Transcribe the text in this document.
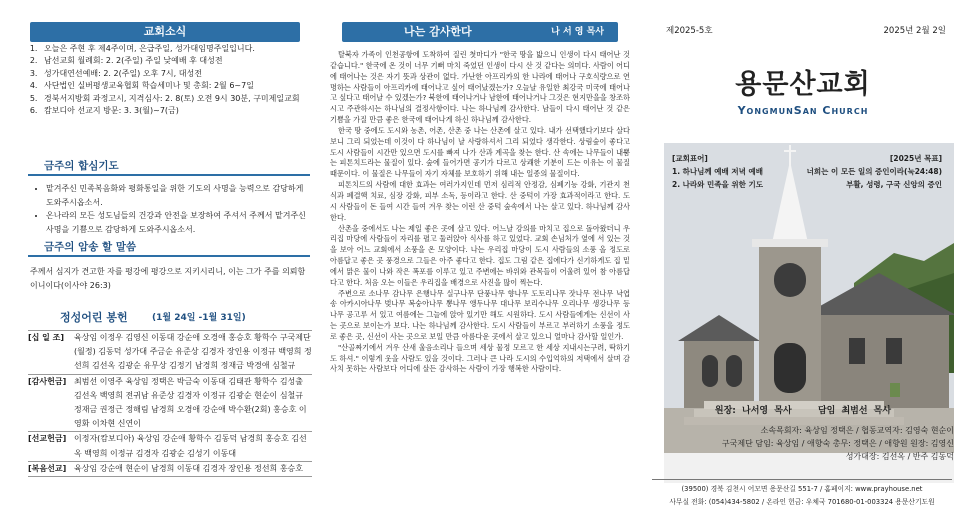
교회소식
1. 오늘은 주현 후 제4주이며, 은급주일, 성가대임명주일입니다.
2. 남선교회 월례회: 2. 2(주일) 주일 낮예배 후 대성전
3. 성가대연선예배: 2. 2(주일) 오후 7시, 대성전
4. 사단법인 실버평생교육협회 학습세미나 및 총회: 2월 6~7일
5. 경북서지방회 과정고시, 지격심사: 2. 8(토) 오전 9시 30분, 구미제일교회
6. 캄보디아 선교지 방문: 3. 3(월)~7(금)
금주의 합심기도
• 맡겨주신 민족복음화와 평화통일을 위한 기도의 사명을 능력으로 감당하게 도와주시옵소서.
• 온나라의 모든 성도님들의 건강과 안전을 보장하여 주셔서 주께서 맡겨주신 사명을 기쁨으로 감당하게 도와주시옵소서.
금주의 암송 할 말씀
주께서 심지가 견고한 자를 평강에 평강으로 지키시리니, 이는 그가 주를 의뢰함이니이다(이사야 26:3)
정성어린 봉헌	(1월 24일 -1월 31일)
[십 일 조]	육상임 이정우 김영신 이동대 강순애 오경애 홍승호 황학수 구국제단(월정) 김동덕 성가대 주금순 유준상 김경자 장인용 이정규 백영희 정선희 김선옥 김광순 유무상 김정기 남경희 정재금 박경애 심철규
[감사헌금] 최범선 이영주 육상임 정택은 박금숙 이동대 김태관 황학수 김성출 김선옥 백영희 전귀남 유준상 김경자 이정규 김광순 현순이 심철규 정재금 권정근 정해림 남경희 오경애 강순애 박수환(2회) 홍승호 이영화 이차현 신연이
[선교헌금] 이정자(캄보디아) 육상임 강순애 황학수 김동덕 남경희 홍승호 김선옥 백영희 이정규 김경자 김광순 김성기 이동대
[복음선교] 육상임 강순애 현순이 남경희 이동대 김경자 장인용 정선희 홍승호
나는 감사한다	나 서 영 목사

탈북자 가족이 인천공항에 도착하여 질린 첫마디가 "한국 땅을 밟으니 인생이 다시 태어난 것 같습니다." 한국에 온 것이 너무 기뻐 마치 죽었던 인생이 다시 산 것 같다는 의미다. 사람이 어디에 태어나는 것은 자기 뜻과 상관이 없다. 가난한 아프리카의 한 나라에 태어나 구호식량으로 연명하는 사람들이 아프리카에 태어나고 싶어 태어났겠는가? 오늘날 유일한 최강국 미국에 태어나고 싶다고 태어날 수 있겠는가? 북한에 태어나거나 남한에 태어나거나 그것은 현지만을을 창조하시고 주관하시는 하나님의 결정사항이다. 나는 하나님께 감사한다. 남들이 다시 태어난 것 같은 기쁨을 가질 만큼 좋은 한국에 태어나게 하신 하나님께 감사한다.

한국 땅 중에도 도시와 농촌, 어촌, 산촌 중 나는 산촌에 살고 있다. 내가 선택했다기보다 살다 보니 그리 되었는데 이것이 다 하나님이 날 사랑하셔서 그리 되었다 생각한다. 상림숲이 좋다고 도시 사람들이 시간만 있으면 도시를 빠져 나가 산과 계곡을 찾는 한다. 산 속에는 나무들이 내뿜는 피톤치드라는 물질이 있다. 숲에 들어가면 공기가 다르고 상쾌한 기분이 드는 이유는 이 물질 때문이다. 이 물질은 나무들이 자기 자체를 보호하기 위해 내는 일종의 물질이다.

피톤치드의 사람에 대한 효과는 여러가지인데 먼저 심리적 안정감, 심폐기능 강화, 기관지 천식과 폐결핵 치료, 심장 강화, 피부 소독, 등이라고 한다. 산 중턱이 가장 효과적이라고 한다. 도시 사람들이 돈 들여 시간 들여 겨우 찾는 이런 산 중턱 숲속에서 나는 살고 있다. 하나님께 감사한다.

산촌을 중에서도 나는 제일 좋은 곳에 살고 있다. 어느날 강의를 마치고 집으로 돌아왔더니 우리집 마당에 사람들이 자리를 펼고 둘러앉아 식사를 하고 있었다. 교회 손님처가 옆에 서 있는 것을 보아 어느 교회에서 소풍을 온 모양이다. 나는 우리집 마당이 도시 사람들의 소풍 올 정도로 아름답고 좋은 곳 풍경으로 그들은 아주 좋다고 한다. 집도 그림 같은 집에다가 신기하게도 집 밑에서 맑은 물이 나와 작은 폭포를 이루고 있고 주변에는 바위와 관목들이 어울려 있어 참 아름답다고 한다. 처음 오는 이들은 우리집을 배경으로 사진을 많이 찍는다.

주변으로 소나무 감나무 은행나무 실구나무 단풍나무 향나무 도토리나무 잣나무 전나무 낙엽송 아카시아나무 벚나무 복숭아나무 뽕나무 앵두나무 대나무 보리수나무 오리나무 생강나무 등 나무 공고루 서 있고 여름에는 그늘에 앉아 있기만 해도 시원하다. 도시 사람들에게는 신선이 사는 곳으로 보이는가 보다. 나는 하나님께 감사한다. 도시 사람들이 부르고 부러하기 소풍을 정도로 좋은 곳, 신선이 사는 곳으로 보일 만큼 아름다운 곳에서 살고 있으니 얼마나 감사할 일인가.

"산골짜기에서 겨우 산새 울음소리나 들으며 세상 물정 모르고 한 세상 지내시는구려, 딱하기도 하셔." 이렇게 웃을 사람도 있을 것이다. 그러나 큰 나라 도시의 수입억하의 저택에서 살며 감사치 못하는 사람보다 어디에 살든 감사하는 사람이 가장 행복한 사람이다.

제2025-5호	2025년 2월 2일
용문산교회
YongmunSan Church
[교회표어]
1. 하나님께 예배 저녁 예배
2. 나라와 민족을 위한 기도
[2025년 목표]
너희는 이 모든 일의 증인이라(눅24:48)
부활, 성령, 구국 신앙의 증인
원장: 나서영 목사	담임 최범선 목사
소속목회자: 육상임 정택은 / 협동교역자: 김영숙 현순이
구국제단 담임: 육상임 / 애향숙 총무: 정택은 / 애향원 원장: 김영신
성가대장: 김선옥 / 반주 김동덕
(39500) 경북 김천시 어모면 용문산길 551-7 / 홈페이지: www.prayhouse.net
사무실 전화: (054)434-5802 / 온라인 헌금: 우체국 701680-01-003324 용문산기도원
